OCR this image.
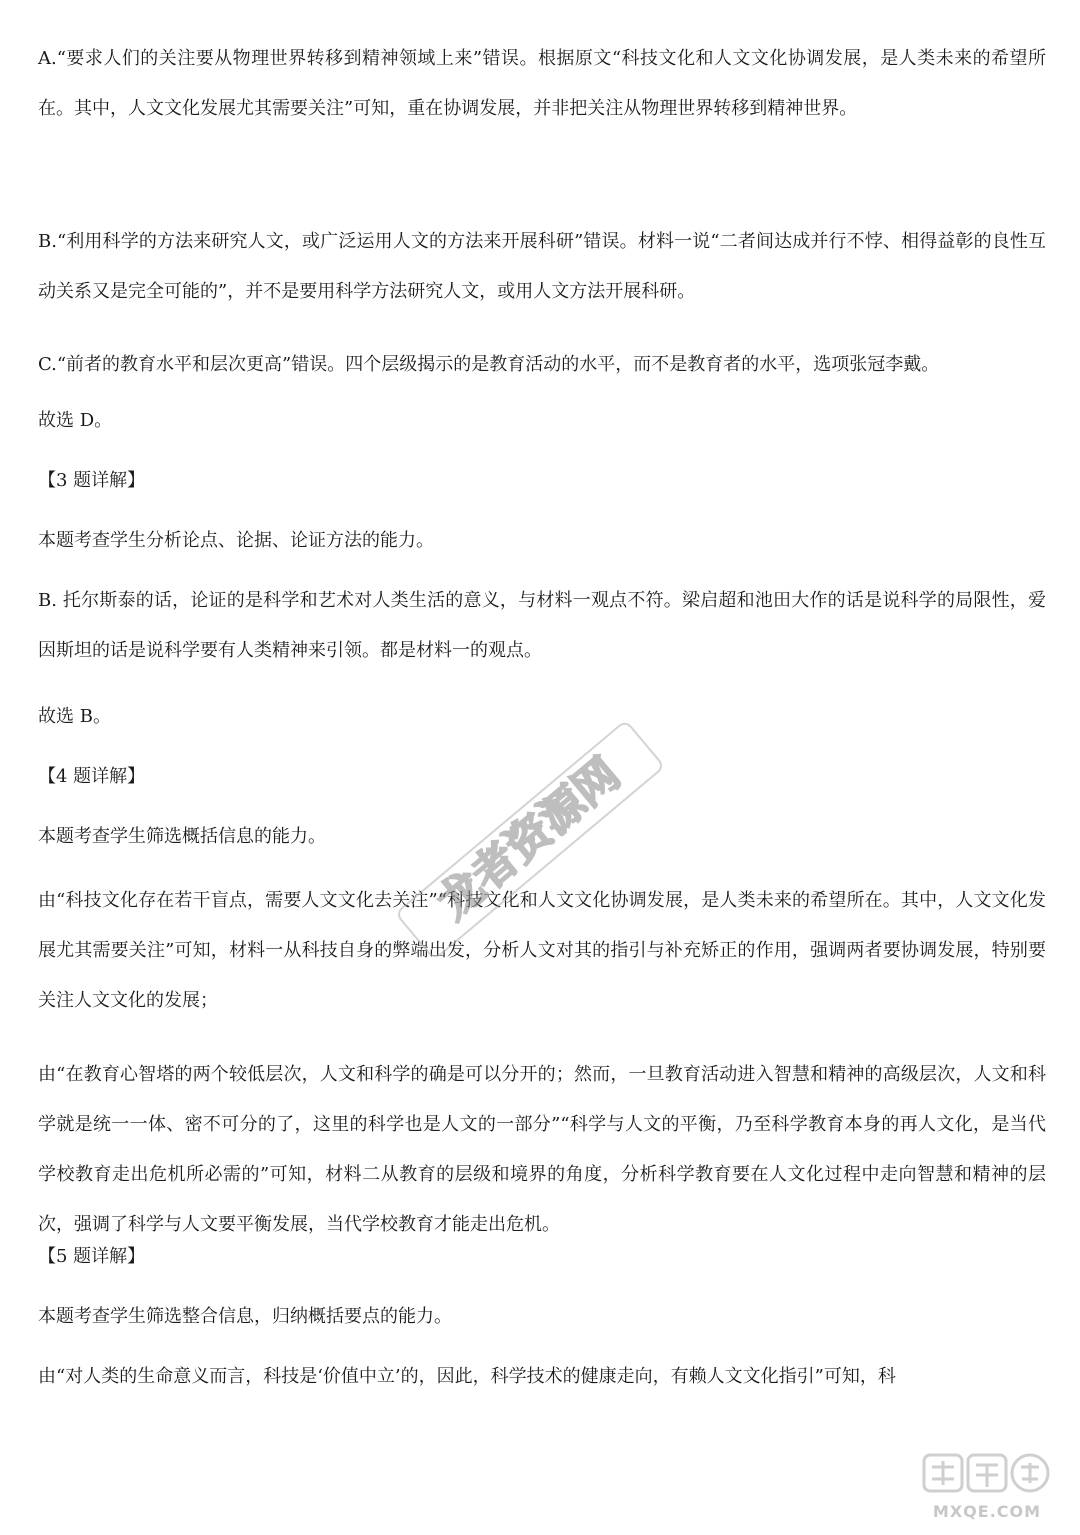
A.“要求人们的关注要从物理世界转移到精神领域上来”错误。根据原文“科技文化和人文文化协调发展，是人类未来的希望所在。其中，人文文化发展尤其需要关注”可知，重在协调发展，并非把关注从物理世界转移到精神世界。

B.“利用科学的方法来研究人文，或广泛运用人文的方法来开展科研”错误。材料一说“二者间达成并行不悖、相得益彰的良性互动关系又是完全可能的”，并不是要用科学方法研究人文，或用人文方法开展科研。

C.“前者的教育水平和层次更高”错误。四个层级揭示的是教育活动的水平，而不是教育者的水平，选项张冠李戴。

故选 D。

【3 题详解】

本题考查学生分析论点、论据、论证方法的能力。

B. 托尔斯泰的话，论证的是科学和艺术对人类生活的意义，与材料一观点不符。梁启超和池田大作的话是说科学的局限性，爱因斯坦的话是说科学要有人类精神来引领。都是材料一的观点。

故选 B。

【4 题详解】

本题考查学生筛选概括信息的能力。

由“科技文化存在若干盲点，需要人文文化去关注”“科技文化和人文文化协调发展，是人类未来的希望所在。其中，人文文化发展尤其需要关注”可知，材料一从科技自身的弊端出发，分析人文对其的指引与补充矫正的作用，强调两者要协调发展，特别要关注人文文化的发展；

由“在教育心智塔的两个较低层次，人文和科学的确是可以分开的；然而，一旦教育活动进入智慧和精神的高级层次，人文和科学就是统一一体、密不可分的了，这里的科学也是人文的一部分”“科学与人文的平衡，乃至科学教育本身的再人文化，是当代学校教育走出危机所必需的”可知，材料二从教育的层级和境界的角度，分析科学教育要在人文化过程中走向智慧和精神的层次，强调了科学与人文要平衡发展，当代学校教育才能走出危机。

【5 题详解】

本题考查学生筛选整合信息，归纳概括要点的能力。

由“对人类的生命意义而言，科技是‘价值中立’的，因此，科学技术的健康走向，有赖人文文化指引”可知，科

龙者资源网
MXQE.COM
